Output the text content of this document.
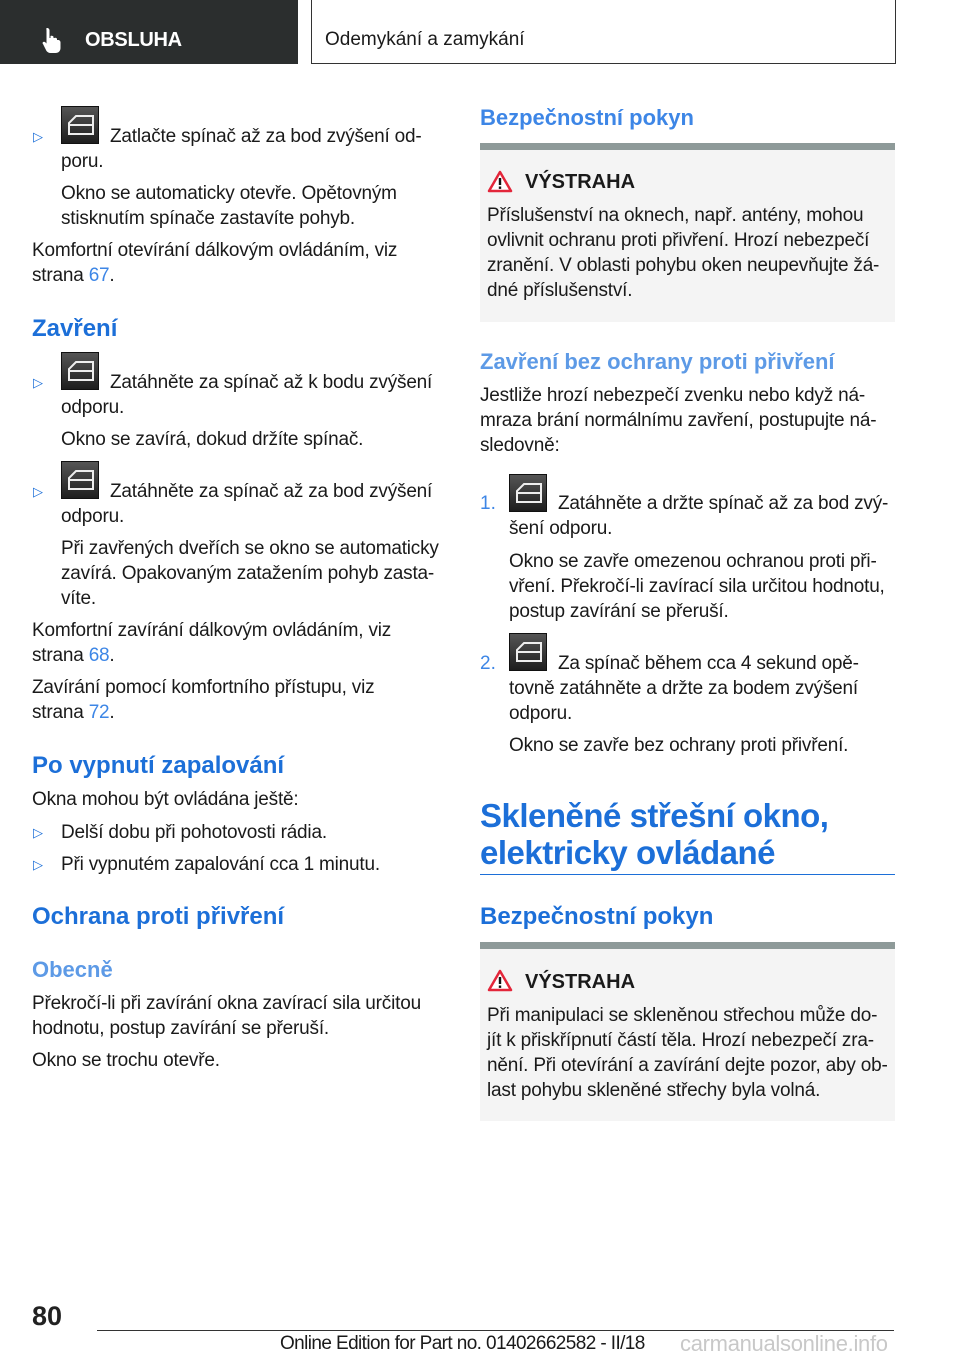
OBSLUHA	Odemykání a zamykání
▷	Zatlačte spínač až za bod zvýšení od-
poru.
Okno se automaticky otevře. Opětovným
stisknutím spínače zastavíte pohyb.
Komfortní otevírání dálkovým ovládáním, viz
strana 67.
Zavření
▷	Zatáhněte za spínač až k bodu zvýšení
odporu.
Okno se zavírá, dokud držíte spínač.
▷	Zatáhněte za spínač až za bod zvýšení
odporu.
Při zavřených dveřích se okno se automaticky
zavírá. Opakovaným zatažením pohyb zasta-
víte.
Komfortní zavírání dálkovým ovládáním, viz
strana 68.
Zavírání pomocí komfortního přístupu, viz
strana 72.
Po vypnutí zapalování
Okna mohou být ovládána ještě:
▷ Delší dobu při pohotovosti rádia.
▷ Při vypnutém zapalování cca 1 minutu.
Ochrana proti přivření
Obecně
Překročí-li při zavírání okna zavírací sila určitou
hodnotu, postup zavírání se přeruší.
Okno se trochu otevře.
Bezpečnostní pokyn
VÝSTRAHA
Příslušenství na oknech, např. antény, mohou
ovlivnit ochranu proti přivření. Hrozí nebezpečí
zranění. V oblasti pohybu oken neupevňujte žá-
dné příslušenství.
Zavření bez ochrany proti přivření
Jestliže hrozí nebezpečí zvenku nebo když ná-
mraza brání normálnímu zavření, postupujte ná-
sledovně:
1.	Zatáhněte a držte spínač až za bod zvý-
šení odporu.
Okno se zavře omezenou ochranou proti při-
vření. Překročí-li zavírací sila určitou hodnotu,
postup zavírání se přeruší.
2.	Za spínač během cca 4 sekund opě-
tovně zatáhněte a držte za bodem zvýšení
odporu.
Okno se zavře bez ochrany proti přivření.
Skleněné střešní okno,
elektricky ovládané
Bezpečnostní pokyn
VÝSTRAHA
Při manipulaci se skleněnou střechou může do-
jít k přiskřípnutí částí těla. Hrozí nebezpečí zra-
nění. Při otevírání a zavírání dejte pozor, aby ob-
last pohybu skleněné střechy byla volná.
80
Online Edition for Part no. 01402662582 - II/18 carmanualsonline.info
